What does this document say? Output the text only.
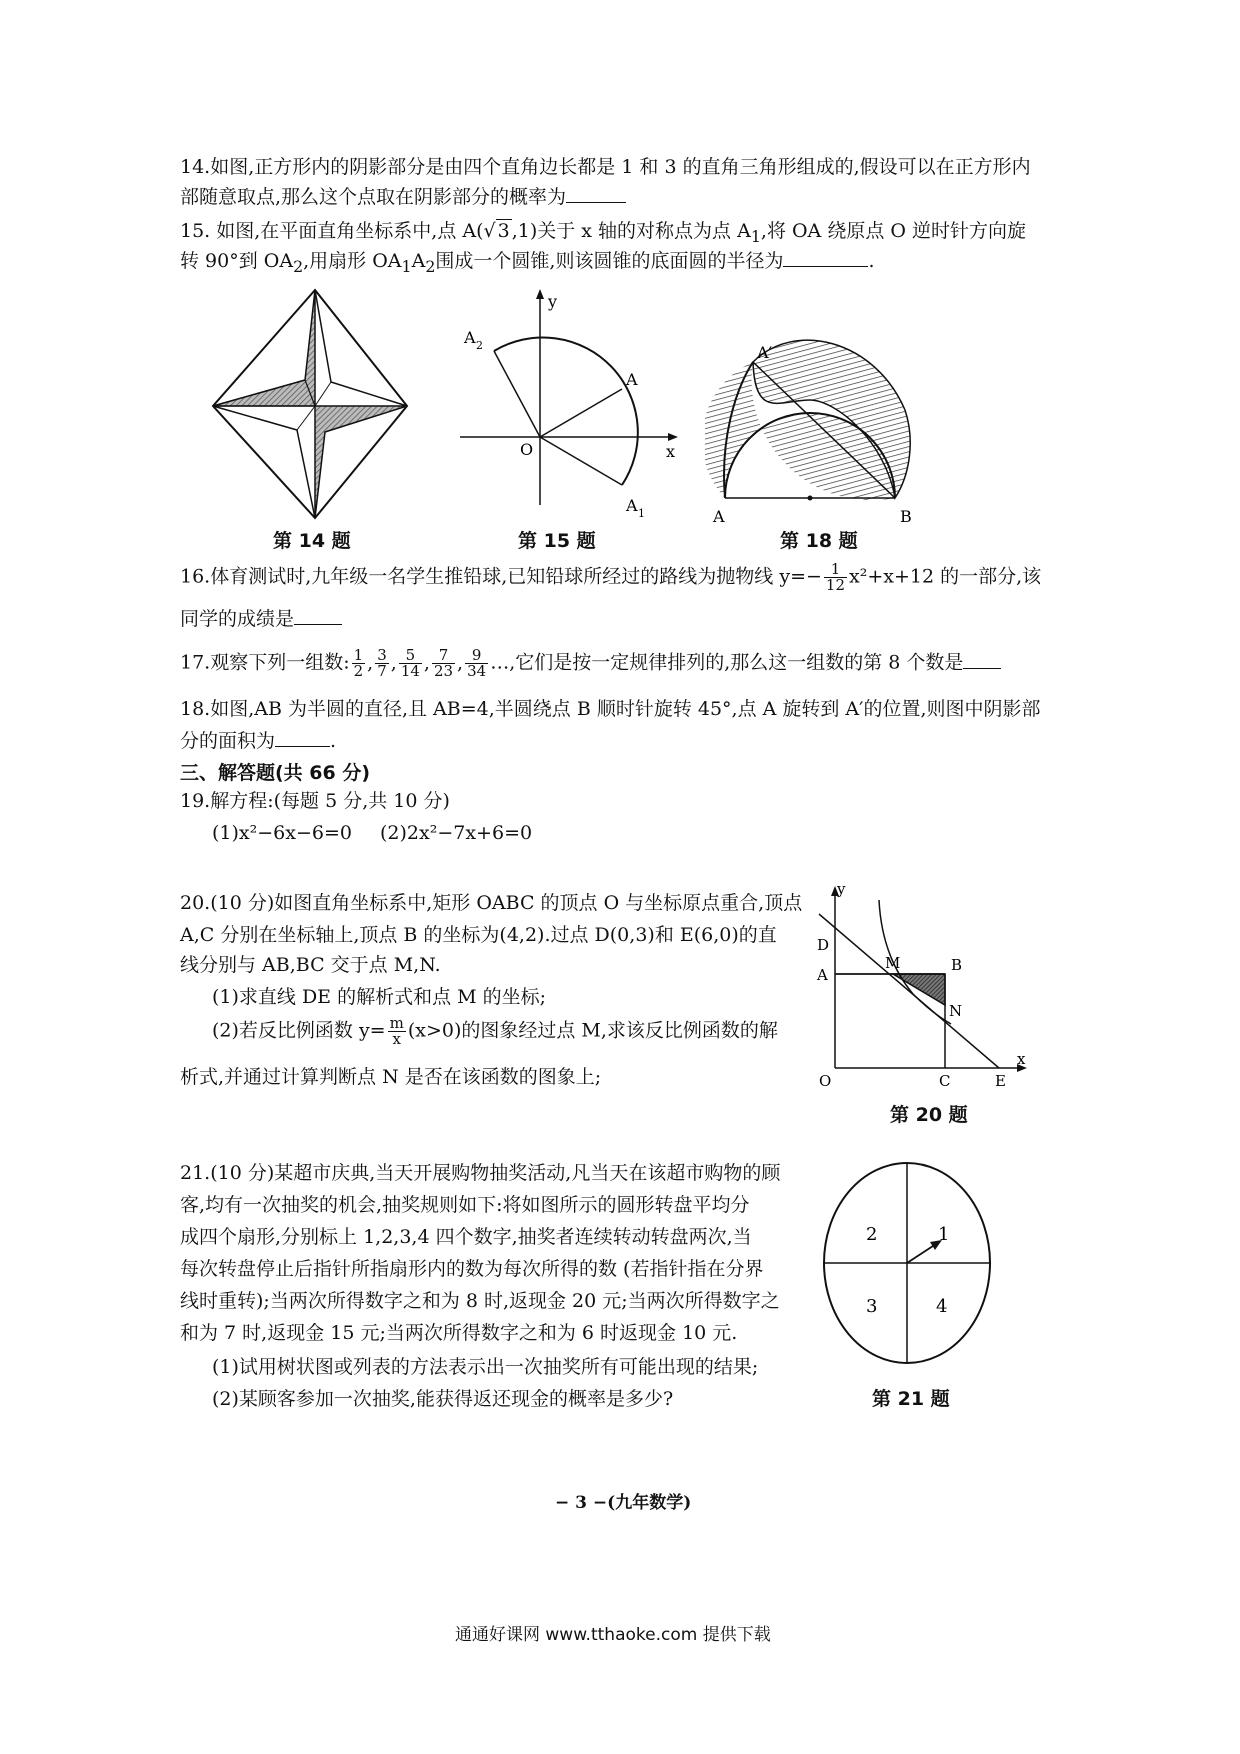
14.如图,正方形内的阴影部分是由四个直角边长都是 1 和 3 的直角三角形组成的,假设可以在正方形内
部随意取点,那么这个点取在阴影部分的概率为
15. 如图,在平面直角坐标系中,点 A(√ 3 ,1)关于 x 轴的对称点为点 $A_1$,将 OA 绕原点 O 逆时针方向旋
转 90°到 $OA_2$,用扇形 $OA_1A_2$围成一个圆锥,则该圆锥的底面圆的半径为	.
第 14 题
y
x
O
A
A 1
A 2
第 15 题
A	B
A′
第 18 题
16.体育测试时,九年级一名学生推铅球,已知铅球所经过的路线为抛物线 $y=- \frac{1}{12} x^2+x+12$ 的一部分,该
同学的成绩是
17.观察下列一组数: $\frac{1}{2}$ , $\frac{3}{7}$ , $\frac{5}{14}$ , $\frac{7}{23}$ , $\frac{9}{34}$ …,它们是按一定规律排列的,那么这一组数的第 8 个数是
18.如图,AB 为半圆的直径,且 AB=4,半圆绕点 B 顺时针旋转 45°,点 A 旋转到 A′的位置,则图中阴影部
分的面积为	.
三、解答题(共 66 分)
19.解方程:(每题 5 分,共 10 分)
(1)x²−6x−6=0 (2)2x²−7x+6=0
20.(10 分)如图直角坐标系中,矩形 OABC 的顶点 O 与坐标原点重合,顶点
A,C 分别在坐标轴上,顶点 B 的坐标为(4,2).过点 D(0,3)和 E(6,0)的直
线分别与 AB,BC 交于点 M,N.
(1)求直线 DE 的解析式和点 M 的坐标;
(2)若反比例函数 $y= \frac{m}{x} (x>0)$的图象经过点 M,求该反比例函数的解
析式,并通过计算判断点 N 是否在该函数的图象上;
y
x
D
A
M	B
N
O	C	E
第 20 题
21.(10 分)某超市庆典,当天开展购物抽奖活动,凡当天在该超市购物的顾
客,均有一次抽奖的机会,抽奖规则如下:将如图所示的圆形转盘平均分
成四个扇形,分别标上 1,2,3,4 四个数字,抽奖者连续转动转盘两次,当
每次转盘停止后指针所指扇形内的数为每次所得的数 (若指针指在分界
线时重转);当两次所得数字之和为 8 时,返现金 20 元;当两次所得数字之
和为 7 时,返现金 15 元;当两次所得数字之和为 6 时返现金 10 元.
(1)试用树状图或列表的方法表示出一次抽奖所有可能出现的结果;
(2)某顾客参加一次抽奖,能获得返还现金的概率是多少?
2	1
3	4
第 21 题
− 3 −(九年数学)
通通好课网 www.tthaoke.com 提供下载
